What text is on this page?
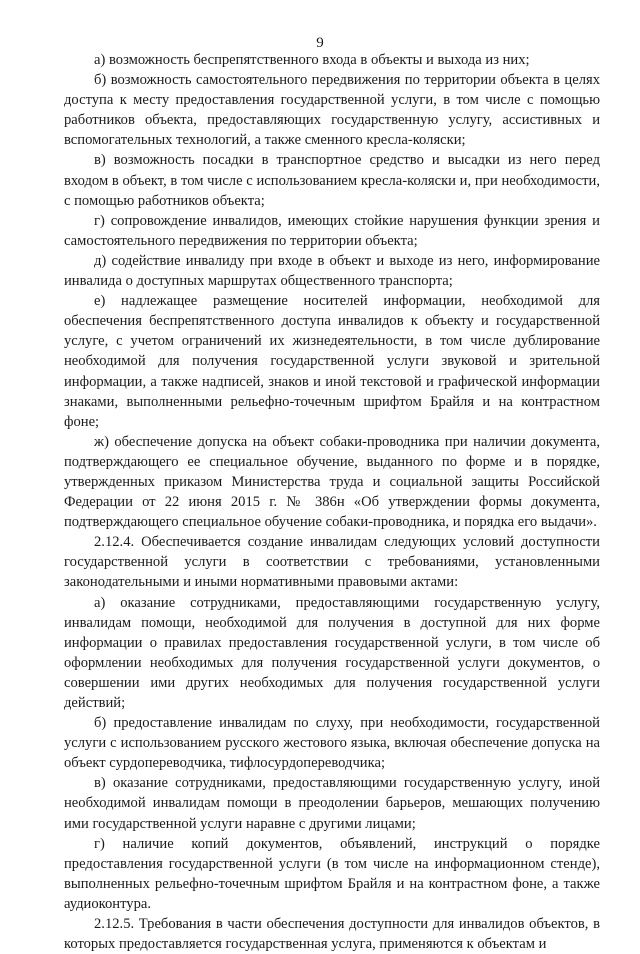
9

а) возможность беспрепятственного входа в объекты и выхода из них;

б) возможность самостоятельного передвижения по территории объекта в целях доступа к месту предоставления государственной услуги, в том числе с помощью работников объекта, предоставляющих государственную услугу, ассистивных и вспомогательных технологий, а также сменного кресла-коляски;

в) возможность посадки в транспортное средство и высадки из него перед входом в объект, в том числе с использованием кресла-коляски и, при необходимости, с помощью работников объекта;

г) сопровождение инвалидов, имеющих стойкие нарушения функции зрения и самостоятельного передвижения по территории объекта;

д) содействие инвалиду при входе в объект и выходе из него, информирование инвалида о доступных маршрутах общественного транспорта;

е) надлежащее размещение носителей информации, необходимой для обеспечения беспрепятственного доступа инвалидов к объекту и государственной услуге, с учетом ограничений их жизнедеятельности, в том числе дублирование необходимой для получения государственной услуги звуковой и зрительной информации, а также надписей, знаков и иной текстовой и графической информации знаками, выполненными рельефно-точечным шрифтом Брайля и на контрастном фоне;

ж) обеспечение допуска на объект собаки-проводника при наличии документа, подтверждающего ее специальное обучение, выданного по форме и в порядке, утвержденных приказом Министерства труда и социальной защиты Российской Федерации от 22 июня 2015 г. № 386н «Об утверждении формы документа, подтверждающего специальное обучение собаки-проводника, и порядка его выдачи».

2.12.4. Обеспечивается создание инвалидам следующих условий доступности государственной услуги в соответствии с требованиями, установленными законодательными и иными нормативными правовыми актами:

а) оказание сотрудниками, предоставляющими государственную услугу, инвалидам помощи, необходимой для получения в доступной для них форме информации о правилах предоставления государственной услуги, в том числе об оформлении необходимых для получения государственной услуги документов, о совершении ими других необходимых для получения государственной услуги действий;

б) предоставление инвалидам по слуху, при необходимости, государственной услуги с использованием русского жестового языка, включая обеспечение допуска на объект сурдопереводчика, тифлосурдопереводчика;

в) оказание сотрудниками, предоставляющими государственную услугу, иной необходимой инвалидам помощи в преодолении барьеров, мешающих получению ими государственной услуги наравне с другими лицами;

г) наличие копий документов, объявлений, инструкций о порядке предоставления государственной услуги (в том числе на информационном стенде), выполненных рельефно-точечным шрифтом Брайля и на контрастном фоне, а также аудиоконтура.

2.12.5. Требования в части обеспечения доступности для инвалидов объектов, в которых предоставляется государственная услуга, применяются к объектам и
